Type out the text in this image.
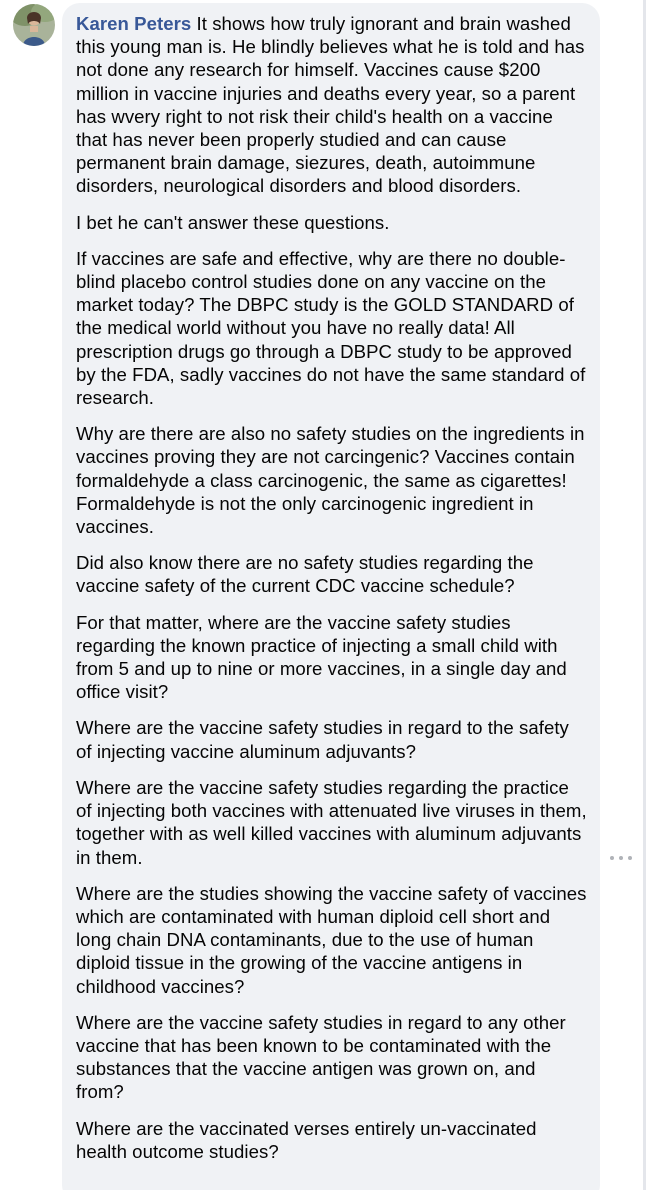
Karen Peters It shows how truly ignorant and brain washed this young man is. He blindly believes what he is told and has not done any research for himself. Vaccines cause $200 million in vaccine injuries and deaths every year, so a parent has wvery right to not risk their child's health on a vaccine that has never been properly studied and can cause permanent brain damage, siezures, death, autoimmune disorders, neurological disorders and blood disorders.

I bet he can't answer these questions.

If vaccines are safe and effective, why are there no double-blind placebo control studies done on any vaccine on the market today? The DBPC study is the GOLD STANDARD of the medical world without you have no really data! All prescription drugs go through a DBPC study to be approved by the FDA, sadly vaccines do not have the same standard of research.

Why are there are also no safety studies on the ingredients in vaccines proving they are not carcingenic? Vaccines contain formaldehyde a class carcinogenic, the same as cigarettes! Formaldehyde is not the only carcinogenic ingredient in vaccines.

Did also know there are no safety studies regarding the vaccine safety of the current CDC vaccine schedule?

For that matter, where are the vaccine safety studies regarding the known practice of injecting a small child with from 5 and up to nine or more vaccines, in a single day and office visit?

Where are the vaccine safety studies in regard to the safety of injecting vaccine aluminum adjuvants?

Where are the vaccine safety studies regarding the practice of injecting both vaccines with attenuated live viruses in them, together with as well killed vaccines with aluminum adjuvants in them.

Where are the studies showing the vaccine safety of vaccines which are contaminated with human diploid cell short and long chain DNA contaminants, due to the use of human diploid tissue in the growing of the vaccine antigens in childhood vaccines?

Where are the vaccine safety studies in regard to any other vaccine that has been known to be contaminated with the substances that the vaccine antigen was grown on, and from?

Where are the vaccinated verses entirely un-vaccinated health outcome studies?
